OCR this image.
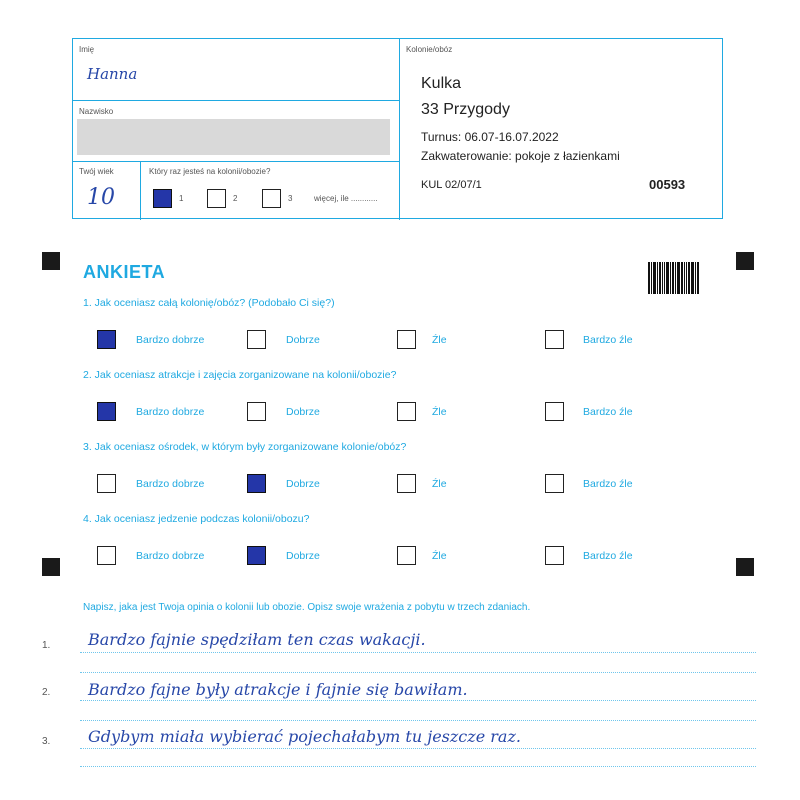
Imię
Hanna
Nazwisko
Twój wiek
10
Który raz jesteś na kolonii/obozie?
1	2	3	więcej, ile ............
Kolonie/obóz
Kulka
33 Przygody
Turnus: 06.07-16.07.2022
Zakwaterowanie: pokoje z łazienkami
KUL 02/07/1	00593
ANKIETA
1. Jak oceniasz całą kolonię/obóz? (Podobało Ci się?)
Bardzo dobrze	Dobrze	Źle	Bardzo źle
2. Jak oceniasz atrakcje i zajęcia zorganizowane na kolonii/obozie?
Bardzo dobrze	Dobrze	Źle	Bardzo źle
3. Jak oceniasz ośrodek, w którym były zorganizowane kolonie/obóz?
Bardzo dobrze	Dobrze	Źle	Bardzo źle
4. Jak oceniasz jedzenie podczas kolonii/obozu?
Bardzo dobrze	Dobrze	Źle	Bardzo źle
Napisz, jaka jest Twoja opinia o kolonii lub obozie. Opisz swoje wrażenia z pobytu w trzech zdaniach.
1. Bardzo fajnie spędziłam ten czas wakacji.
2. Bardzo fajne były atrakcje i fajnie się bawiłam.
3. Gdybym miała wybierać pojechałabym tu jeszcze raz.
